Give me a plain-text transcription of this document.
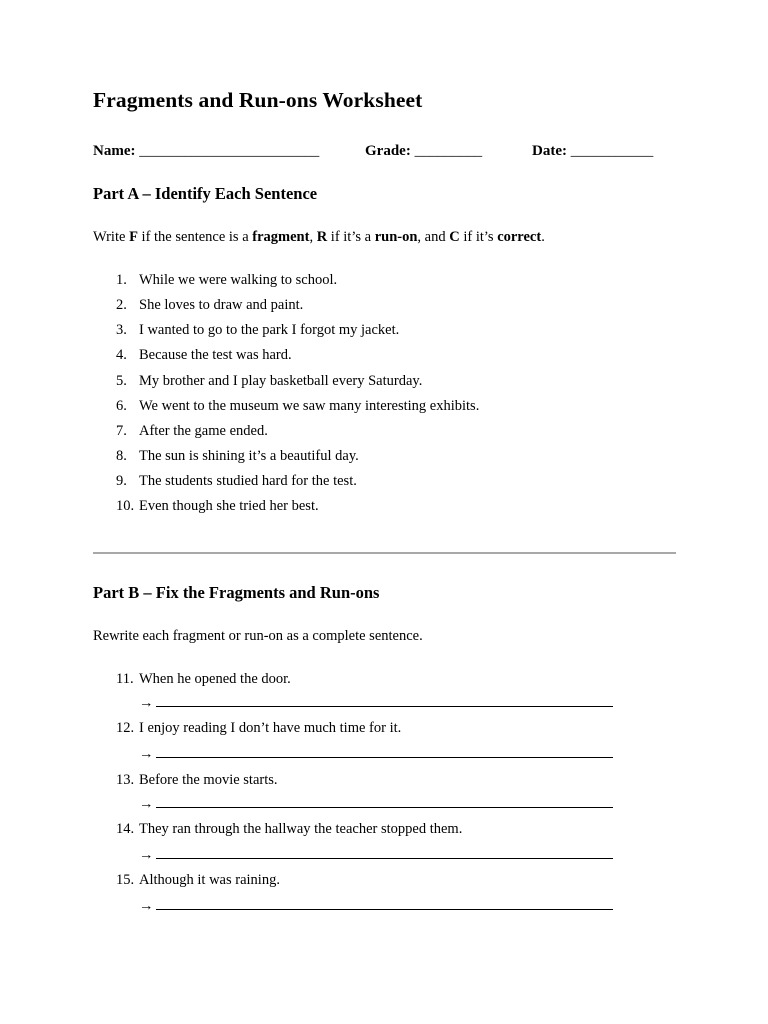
Fragments and Run-ons Worksheet
Name: ________________________	Grade: _________	Date: ___________
Part A – Identify Each Sentence
Write F if the sentence is a fragment, R if it’s a run-on, and C if it’s correct.
1. While we were walking to school.
2. She loves to draw and paint.
3. I wanted to go to the park I forgot my jacket.
4. Because the test was hard.
5. My brother and I play basketball every Saturday.
6. We went to the museum we saw many interesting exhibits.
7. After the game ended.
8. The sun is shining it’s a beautiful day.
9. The students studied hard for the test.
10. Even though she tried her best.
Part B – Fix the Fragments and Run-ons
Rewrite each fragment or run-on as a complete sentence.
11. When he opened the door.
→
12. I enjoy reading I don’t have much time for it.
→
13. Before the movie starts.
→
14. They ran through the hallway the teacher stopped them.
→
15. Although it was raining.
→
